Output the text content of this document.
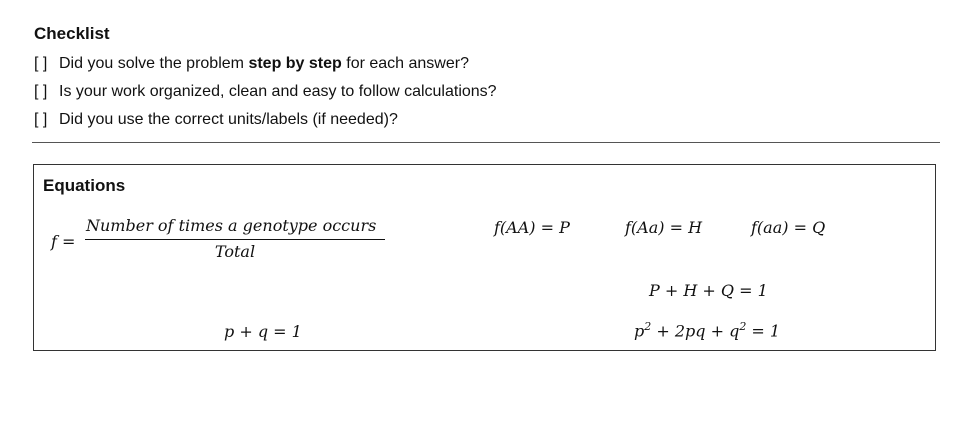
Checklist
[ ] Did you solve the problem step by step for each answer?
[ ] Is your work organized, clean and easy to follow calculations?
[ ] Did you use the correct units/labels (if needed)?
Equations
f =
Number of times a genotype occurs
Total
f(AA) = P	f(Aa) = H	f(aa) = Q
P + H + Q = 1
p + q = 1	$p^2 + 2pq + q^2 = 1$
